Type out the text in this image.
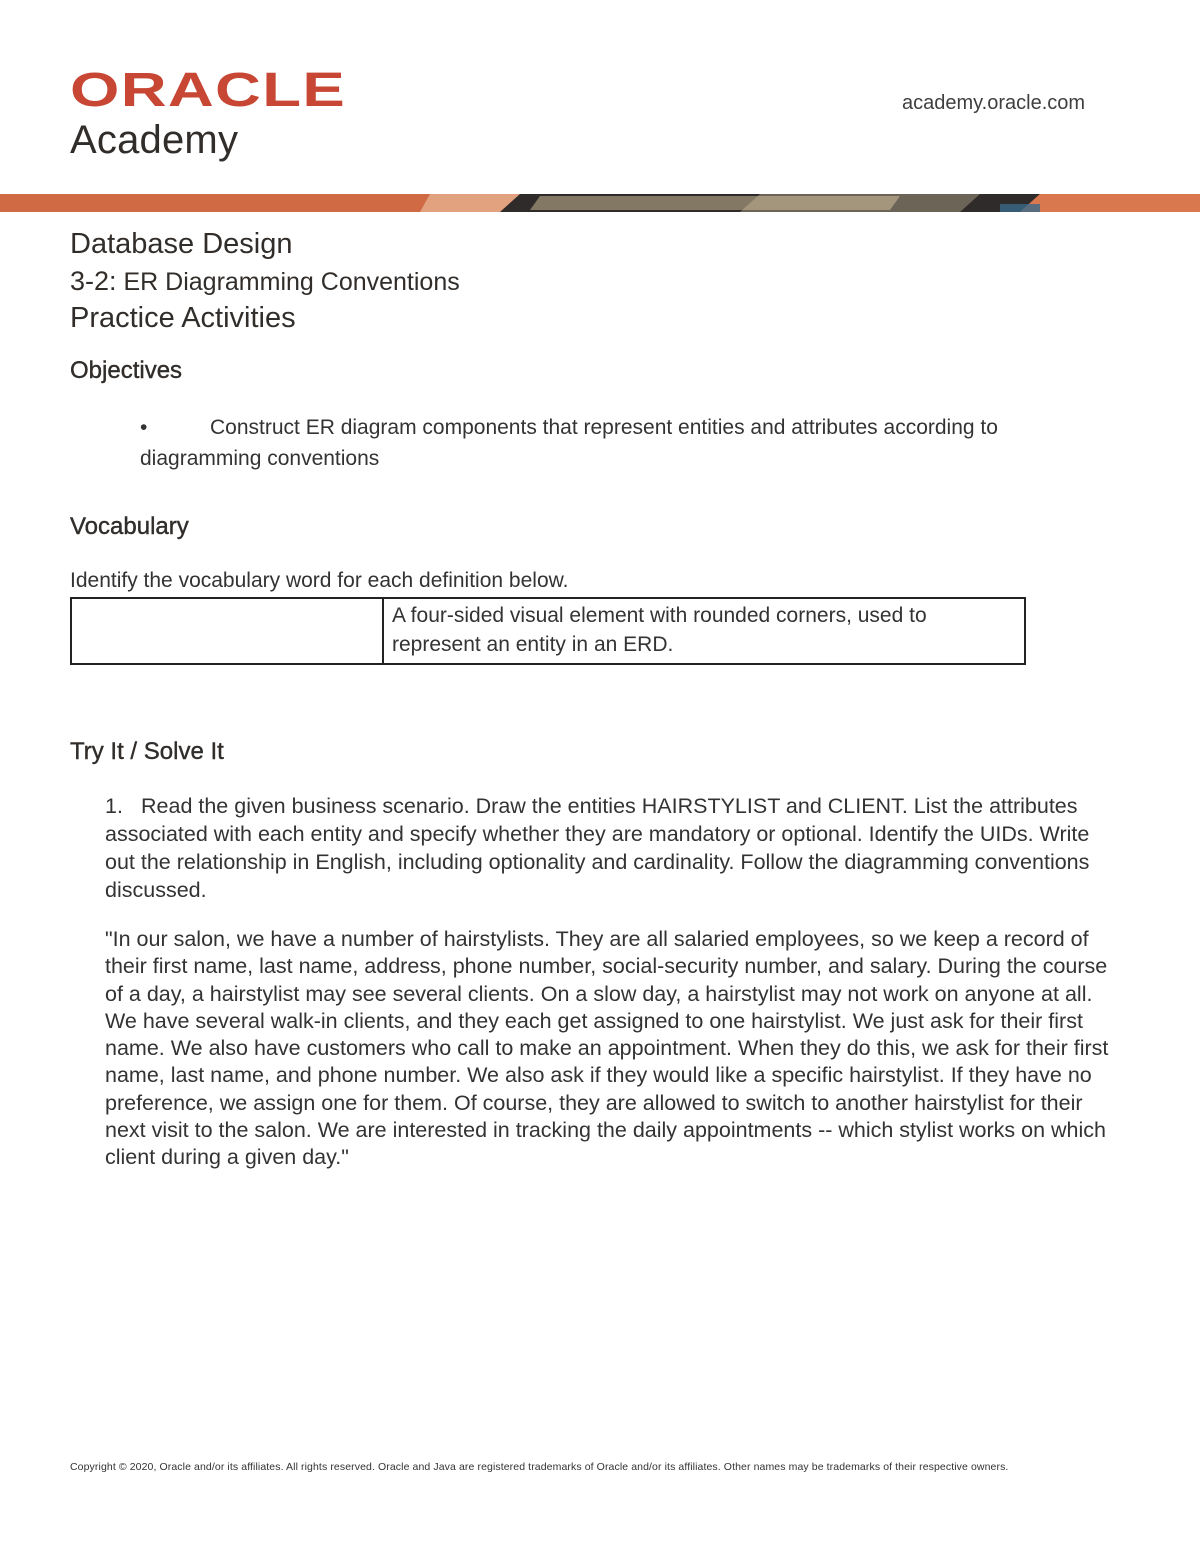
ORACLE
Academy
academy.oracle.com
Database Design
3-2: ER Diagramming Conventions
Practice Activities
Objectives
•	Construct ER diagram components that represent entities and attributes according to diagramming conventions
Vocabulary
Identify the vocabulary word for each definition below.
A four-sided visual element with rounded corners, used to represent an entity in an ERD.
Try It / Solve It

1. Read the given business scenario. Draw the entities HAIRSTYLIST and CLIENT. List the attributes associated with each entity and specify whether they are mandatory or optional. Identify the UIDs. Write out the relationship in English, including optionality and cardinality. Follow the diagramming conventions discussed.

"In our salon, we have a number of hairstylists. They are all salaried employees, so we keep a record of their first name, last name, address, phone number, social-security number, and salary. During the course of a day, a hairstylist may see several clients. On a slow day, a hairstylist may not work on anyone at all. We have several walk-in clients, and they each get assigned to one hairstylist. We just ask for their first name. We also have customers who call to make an appointment. When they do this, we ask for their first name, last name, and phone number. We also ask if they would like a specific hairstylist. If they have no preference, we assign one for them. Of course, they are allowed to switch to another hairstylist for their next visit to the salon. We are interested in tracking the daily appointments -- which stylist works on which client during a given day."

Copyright © 2020, Oracle and/or its affiliates. All rights reserved. Oracle and Java are registered trademarks of Oracle and/or its affiliates. Other names may be trademarks of their respective owners.
